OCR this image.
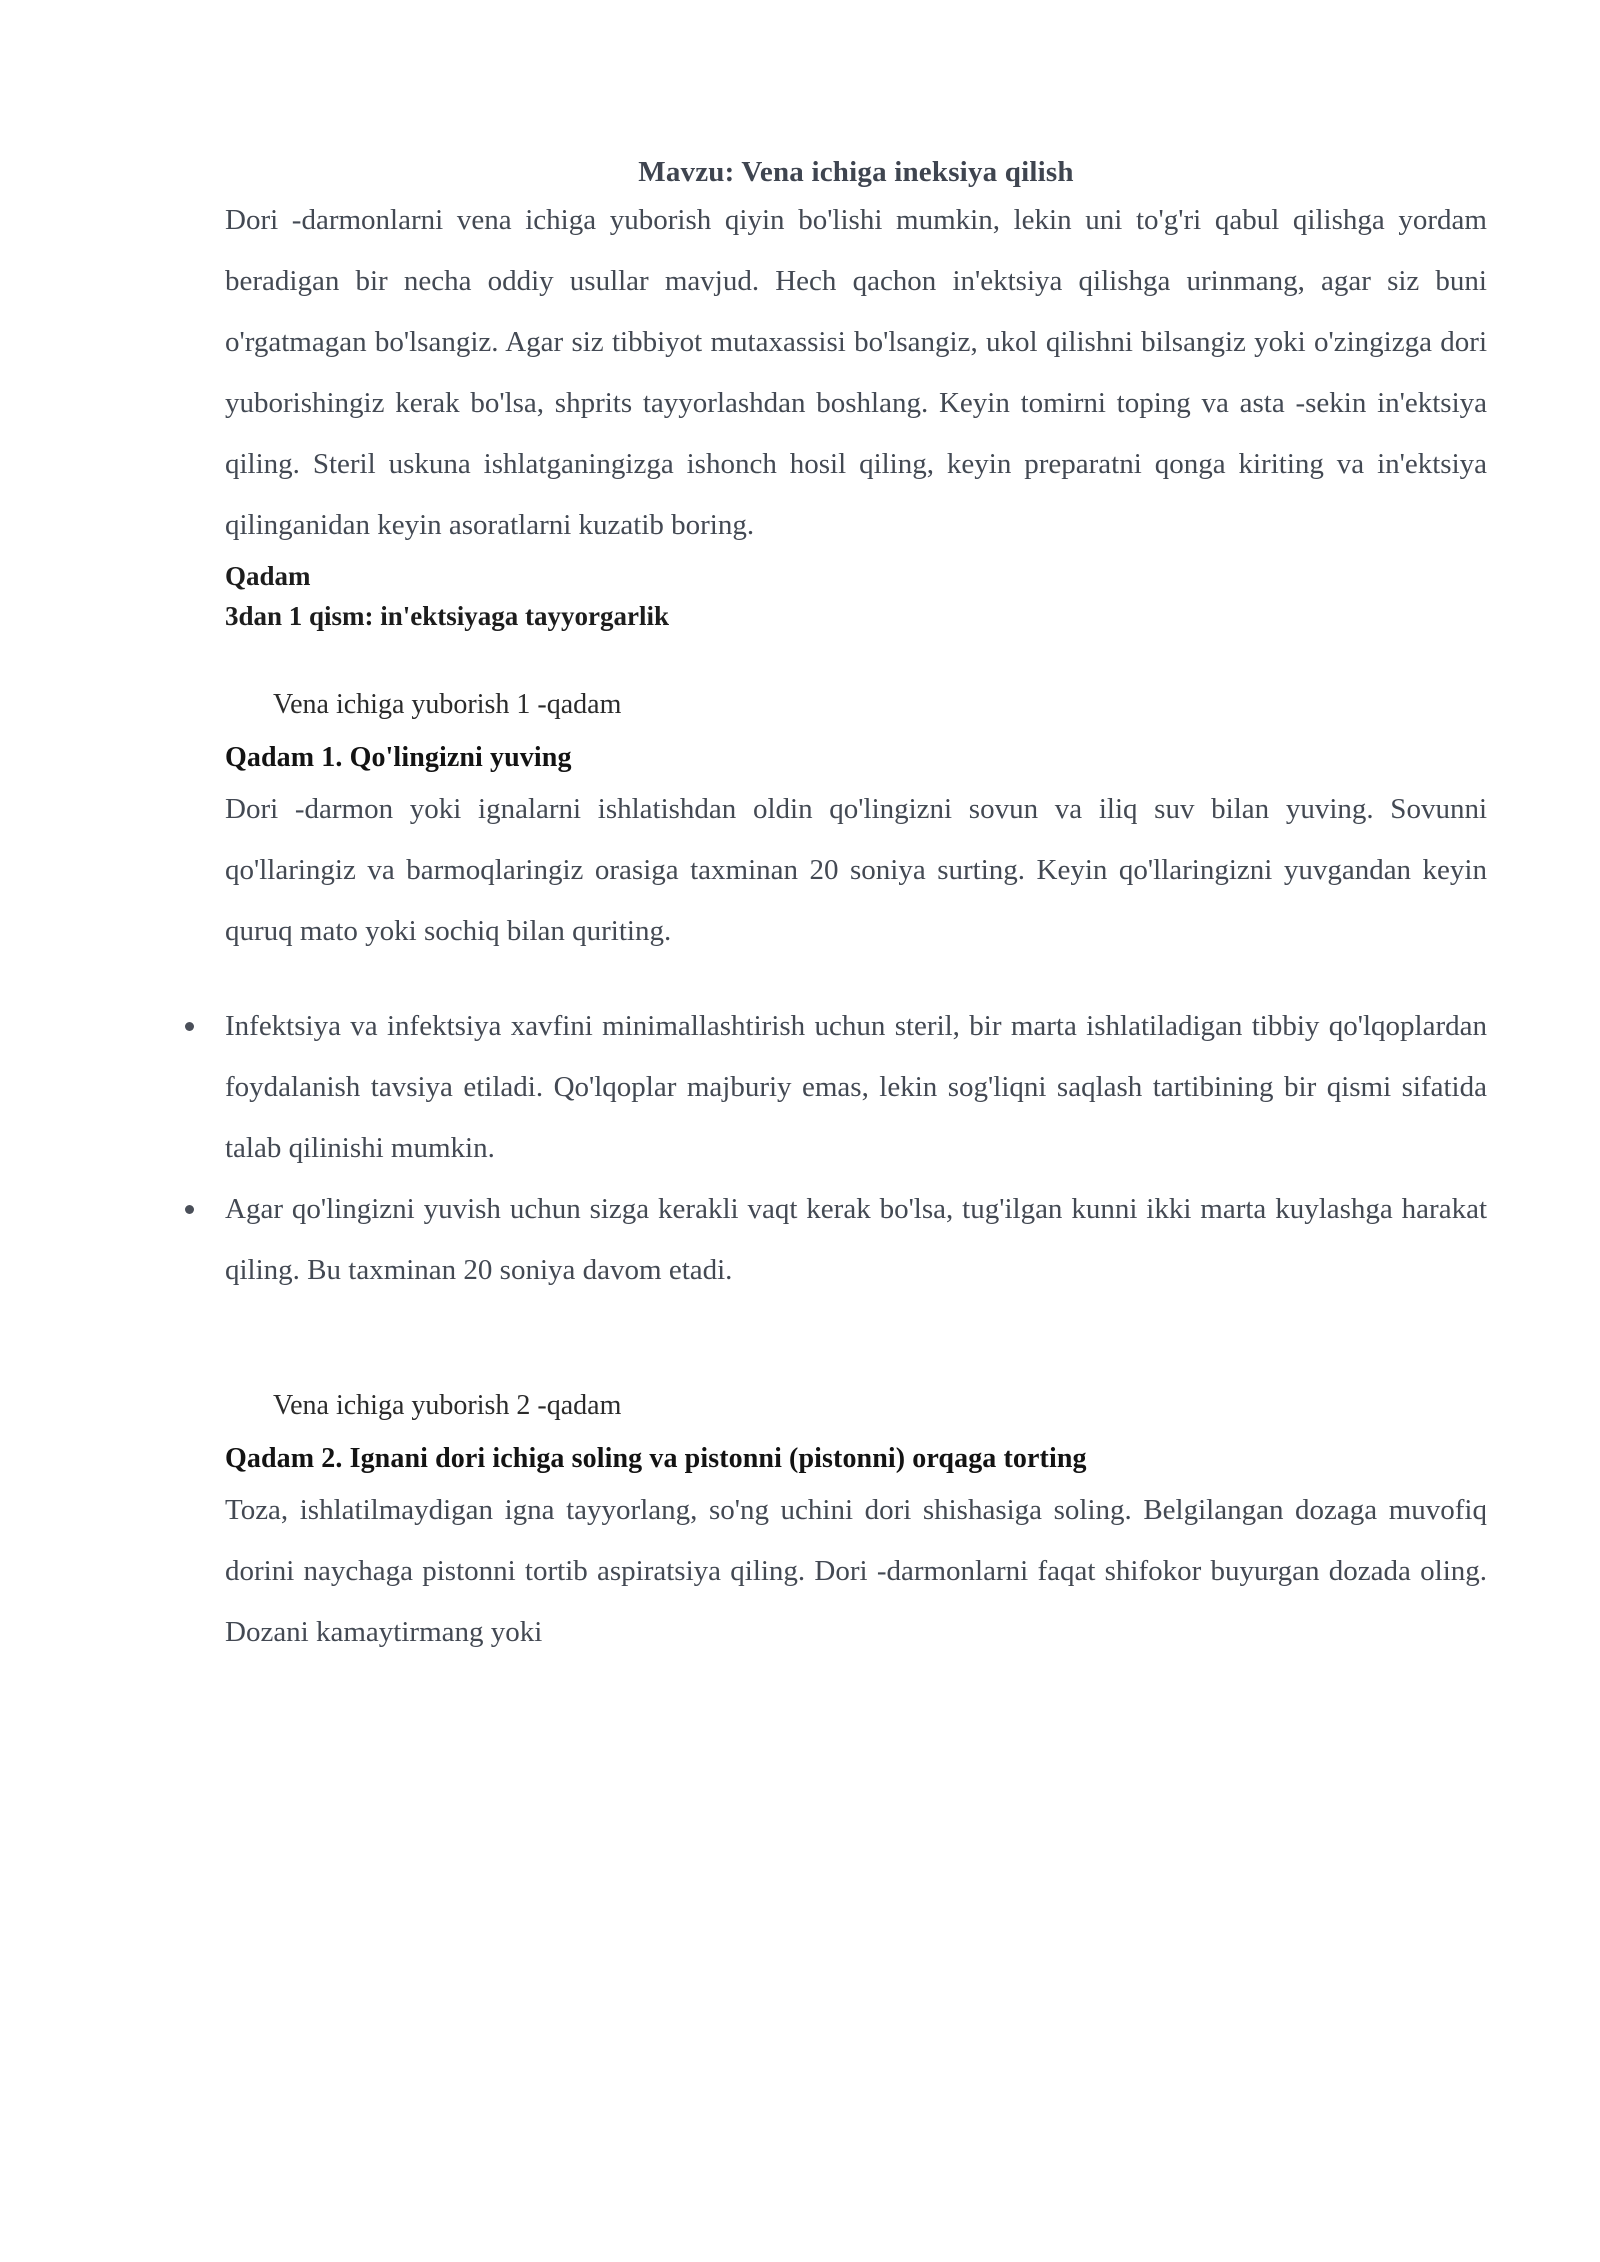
Mavzu: Vena ichiga ineksiya qilish

Dori -darmonlarni vena ichiga yuborish qiyin bo'lishi mumkin, lekin uni to'g'ri qabul qilishga yordam beradigan bir necha oddiy usullar mavjud. Hech qachon in'ektsiya qilishga urinmang, agar siz buni o'rgatmagan bo'lsangiz. Agar siz tibbiyot mutaxassisi bo'lsangiz, ukol qilishni bilsangiz yoki o'zingizga dori yuborishingiz kerak bo'lsa, shprits tayyorlashdan boshlang. Keyin tomirni toping va asta -sekin in'ektsiya qiling. Steril uskuna ishlatganingizga ishonch hosil qiling, keyin preparatni qonga kiriting va in'ektsiya qilinganidan keyin asoratlarni kuzatib boring.

Qadam
3dan 1 qism: in'ektsiyaga tayyorgarlik

Vena ichiga yuborish 1 -qadam

Qadam 1. Qo'lingizni yuving

Dori -darmon yoki ignalarni ishlatishdan oldin qo'lingizni sovun va iliq suv bilan yuving. Sovunni qo'llaringiz va barmoqlaringiz orasiga taxminan 20 soniya surting. Keyin qo'llaringizni yuvgandan keyin quruq mato yoki sochiq bilan quriting.

Infektsiya va infektsiya xavfini minimallashtirish uchun steril, bir marta ishlatiladigan tibbiy qo'lqoplardan foydalanish tavsiya etiladi. Qo'lqoplar majburiy emas, lekin sog'liqni saqlash tartibining bir qismi sifatida talab qilinishi mumkin.
Agar qo'lingizni yuvish uchun sizga kerakli vaqt kerak bo'lsa, tug'ilgan kunni ikki marta kuylashga harakat qiling. Bu taxminan 20 soniya davom etadi.

Vena ichiga yuborish 2 -qadam

Qadam 2. Ignani dori ichiga soling va pistonni (pistonni) orqaga torting

Toza, ishlatilmaydigan igna tayyorlang, so'ng uchini dori shishasiga soling. Belgilangan dozaga muvofiq dorini naychaga pistonni tortib aspiratsiya qiling. Dori -darmonlarni faqat shifokor buyurgan dozada oling. Dozani kamaytirmang yoki
